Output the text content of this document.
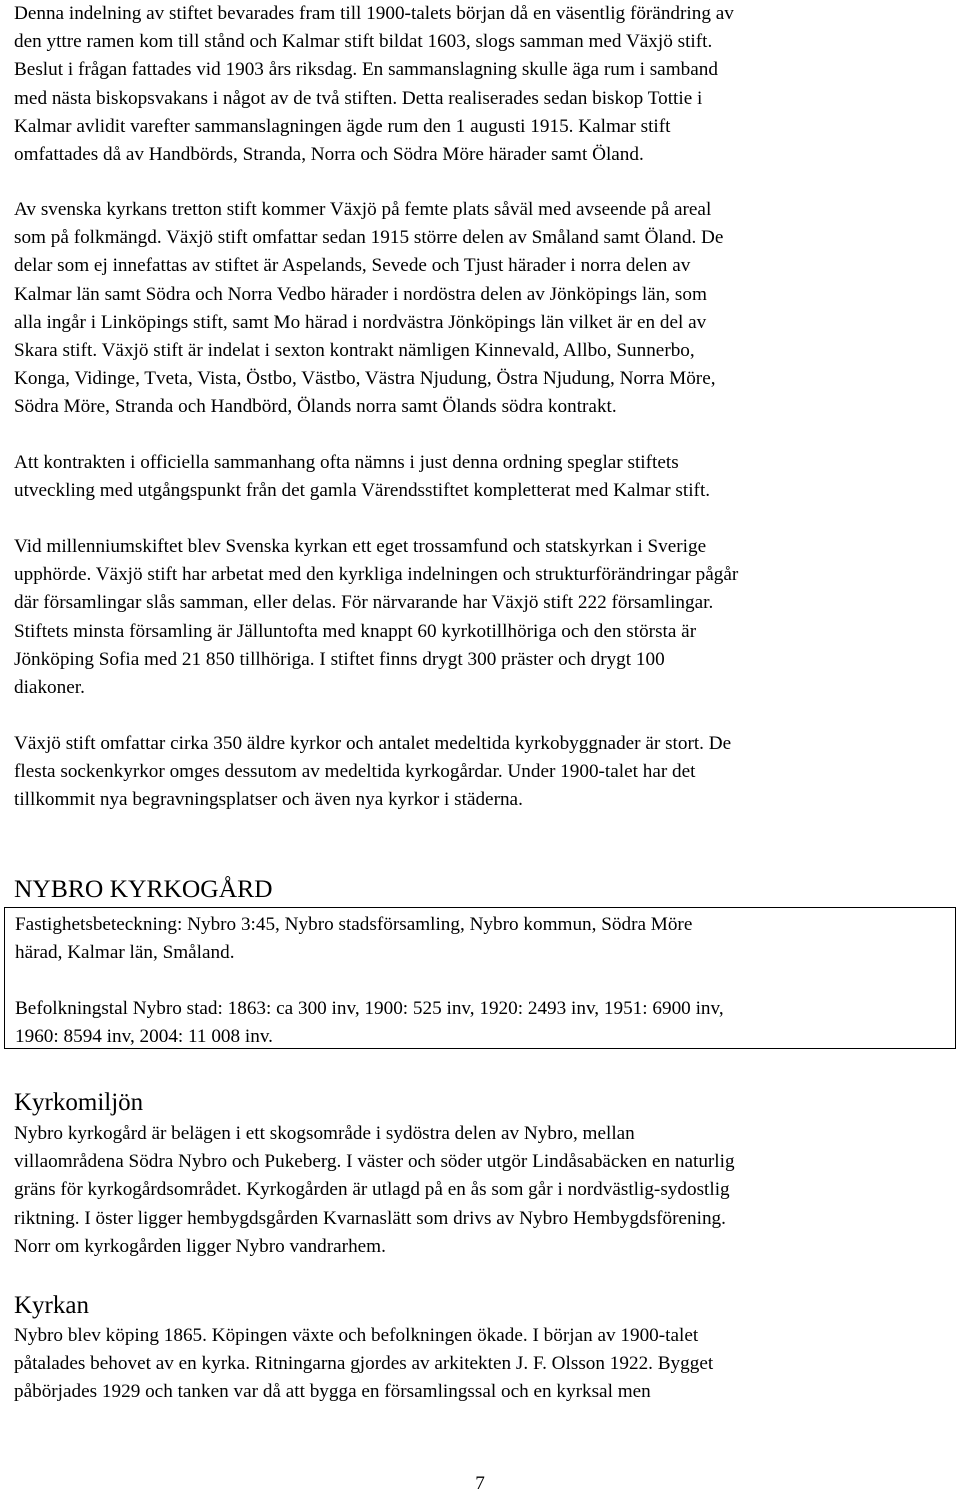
Denna indelning av stiftet bevarades fram till 1900-talets början då en väsentlig förändring av
den yttre ramen kom till stånd och Kalmar stift bildat 1603, slogs samman med Växjö stift.
Beslut i frågan fattades vid 1903 års riksdag. En sammanslagning skulle äga rum i samband
med nästa biskopsvakans i något av de två stiften. Detta realiserades sedan biskop Tottie i
Kalmar avlidit varefter sammanslagningen ägde rum den 1 augusti 1915. Kalmar stift
omfattades då av Handbörds, Stranda, Norra och Södra Möre härader samt Öland.
Av svenska kyrkans tretton stift kommer Växjö på femte plats såväl med avseende på areal
som på folkmängd. Växjö stift omfattar sedan 1915 större delen av Småland samt Öland. De
delar som ej innefattas av stiftet är Aspelands, Sevede och Tjust härader i norra delen av
Kalmar län samt Södra och Norra Vedbo härader i nordöstra delen av Jönköpings län, som
alla ingår i Linköpings stift, samt Mo härad i nordvästra Jönköpings län vilket är en del av
Skara stift. Växjö stift är indelat i sexton kontrakt nämligen Kinnevald, Allbo, Sunnerbo,
Konga, Vidinge, Tveta, Vista, Östbo, Västbo, Västra Njudung, Östra Njudung, Norra Möre,
Södra Möre, Stranda och Handbörd, Ölands norra samt Ölands södra kontrakt.
Att kontrakten i officiella sammanhang ofta nämns i just denna ordning speglar stiftets
utveckling med utgångspunkt från det gamla Värendsstiftet kompletterat med Kalmar stift.
Vid millenniumskiftet blev Svenska kyrkan ett eget trossamfund och statskyrkan i Sverige
upphörde. Växjö stift har arbetat med den kyrkliga indelningen och strukturförändringar pågår
där församlingar slås samman, eller delas. För närvarande har Växjö stift 222 församlingar.
Stiftets minsta församling är Jälluntofta med knappt 60 kyrkotillhöriga och den största är
Jönköping Sofia med 21 850 tillhöriga. I stiftet finns drygt 300 präster och drygt 100
diakoner.
Växjö stift omfattar cirka 350 äldre kyrkor och antalet medeltida kyrkobyggnader är stort. De
flesta sockenkyrkor omges dessutom av medeltida kyrkogårdar. Under 1900-talet har det
tillkommit nya begravningsplatser och även nya kyrkor i städerna.
NYBRO KYRKOGÅRD
Fastighetsbeteckning: Nybro 3:45, Nybro stadsförsamling, Nybro kommun, Södra Möre
härad, Kalmar län, Småland.
Befolkningstal Nybro stad: 1863: ca 300 inv, 1900: 525 inv, 1920: 2493 inv, 1951: 6900 inv,
1960: 8594 inv, 2004: 11 008 inv.
Kyrkomiljön
Nybro kyrkogård är belägen i ett skogsområde i sydöstra delen av Nybro, mellan
villaområdena Södra Nybro och Pukeberg. I väster och söder utgör Lindåsabäcken en naturlig
gräns för kyrkogårdsområdet. Kyrkogården är utlagd på en ås som går i nordvästlig-sydostlig
riktning. I öster ligger hembygdsgården Kvarnaslätt som drivs av Nybro Hembygdsförening.
Norr om kyrkogården ligger Nybro vandrarhem.
Kyrkan
Nybro blev köping 1865. Köpingen växte och befolkningen ökade. I början av 1900-talet
påtalades behovet av en kyrka. Ritningarna gjordes av arkitekten J. F. Olsson 1922. Bygget
påbörjades 1929 och tanken var då att bygga en församlingssal och en kyrksal men
7
